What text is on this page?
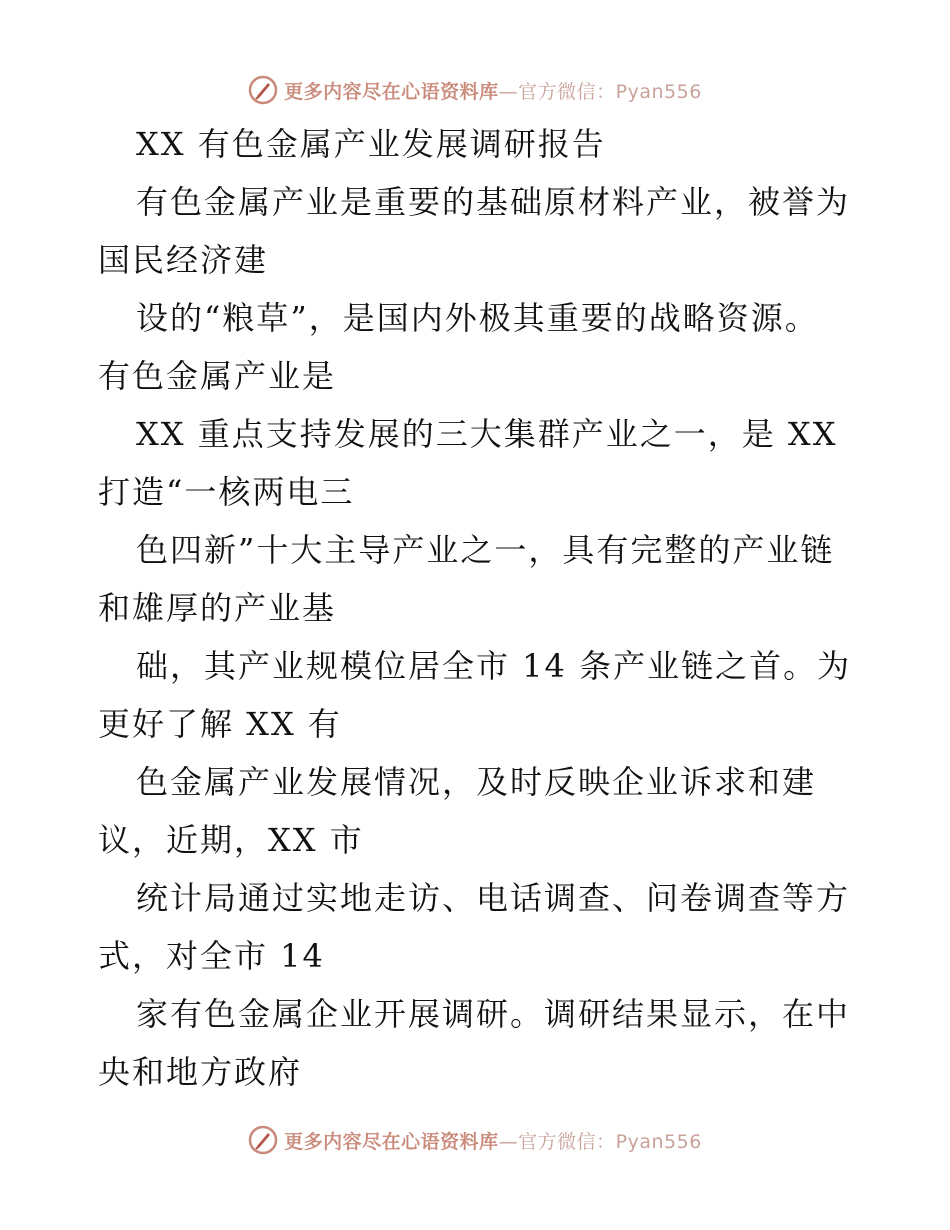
更多内容尽在心语资料库—官方微信：Pyan556
XX 有色金属产业发展调研报告
有色金属产业是重要的基础原材料产业，被誉为
国民经济建
设的“粮草”，是国内外极其重要的战略资源。
有色金属产业是
XX 重点支持发展的三大集群产业之一，是 XX
打造“一核两电三
色四新”十大主导产业之一，具有完整的产业链
和雄厚的产业基
础，其产业规模位居全市 14 条产业链之首。为
更好了解 XX 有
色金属产业发展情况，及时反映企业诉求和建
议，近期，XX 市
统计局通过实地走访、电话调查、问卷调查等方
式，对全市 14
家有色金属企业开展调研。调研结果显示，在中
央和地方政府
更多内容尽在心语资料库—官方微信：Pyan556
